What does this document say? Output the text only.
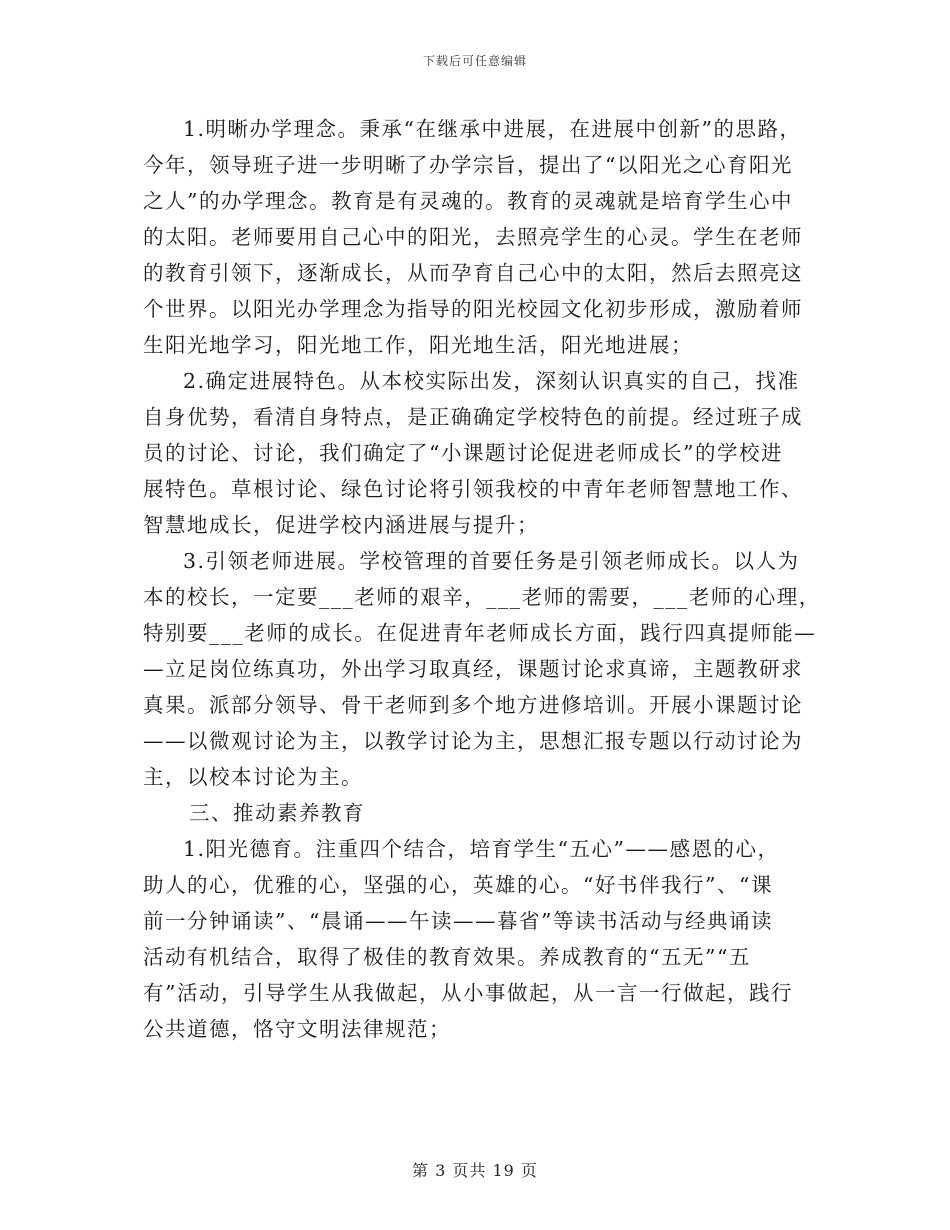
下载后可任意编辑

1.明晰办学理念。秉承“在继承中进展，在进展中创新”的思路，

今年，领导班子进一步明晰了办学宗旨，提出了“以阳光之心育阳光

之人”的办学理念。教育是有灵魂的。教育的灵魂就是培育学生心中

的太阳。老师要用自己心中的阳光，去照亮学生的心灵。学生在老师

的教育引领下，逐渐成长，从而孕育自己心中的太阳，然后去照亮这

个世界。以阳光办学理念为指导的阳光校园文化初步形成，激励着师

生阳光地学习，阳光地工作，阳光地生活，阳光地进展；

2.确定进展特色。从本校实际出发，深刻认识真实的自己，找准

自身优势，看清自身特点，是正确确定学校特色的前提。经过班子成

员的讨论、讨论，我们确定了“小课题讨论促进老师成长”的学校进

展特色。草根讨论、绿色讨论将引领我校的中青年老师智慧地工作、

智慧地成长，促进学校内涵进展与提升；

3.引领老师进展。学校管理的首要任务是引领老师成长。以人为

本的校长，一定要___老师的艰辛，___老师的需要，___老师的心理，

特别要___老师的成长。在促进青年老师成长方面，践行四真提师能—

—立足岗位练真功，外出学习取真经，课题讨论求真谛，主题教研求

真果。派部分领导、骨干老师到多个地方进修培训。开展小课题讨论

——以微观讨论为主，以教学讨论为主，思想汇报专题以行动讨论为

主，以校本讨论为主。

三、推动素养教育

1.阳光德育。注重四个结合，培育学生“五心”——感恩的心，

助人的心，优雅的心，坚强的心，英雄的心。“好书伴我行”、“课

前一分钟诵读”、“晨诵——午读——暮省”等读书活动与经典诵读

活动有机结合，取得了极佳的教育效果。养成教育的“五无”“五

有”活动，引导学生从我做起，从小事做起，从一言一行做起，践行

公共道德，恪守文明法律规范；

第 3 页共 19 页
